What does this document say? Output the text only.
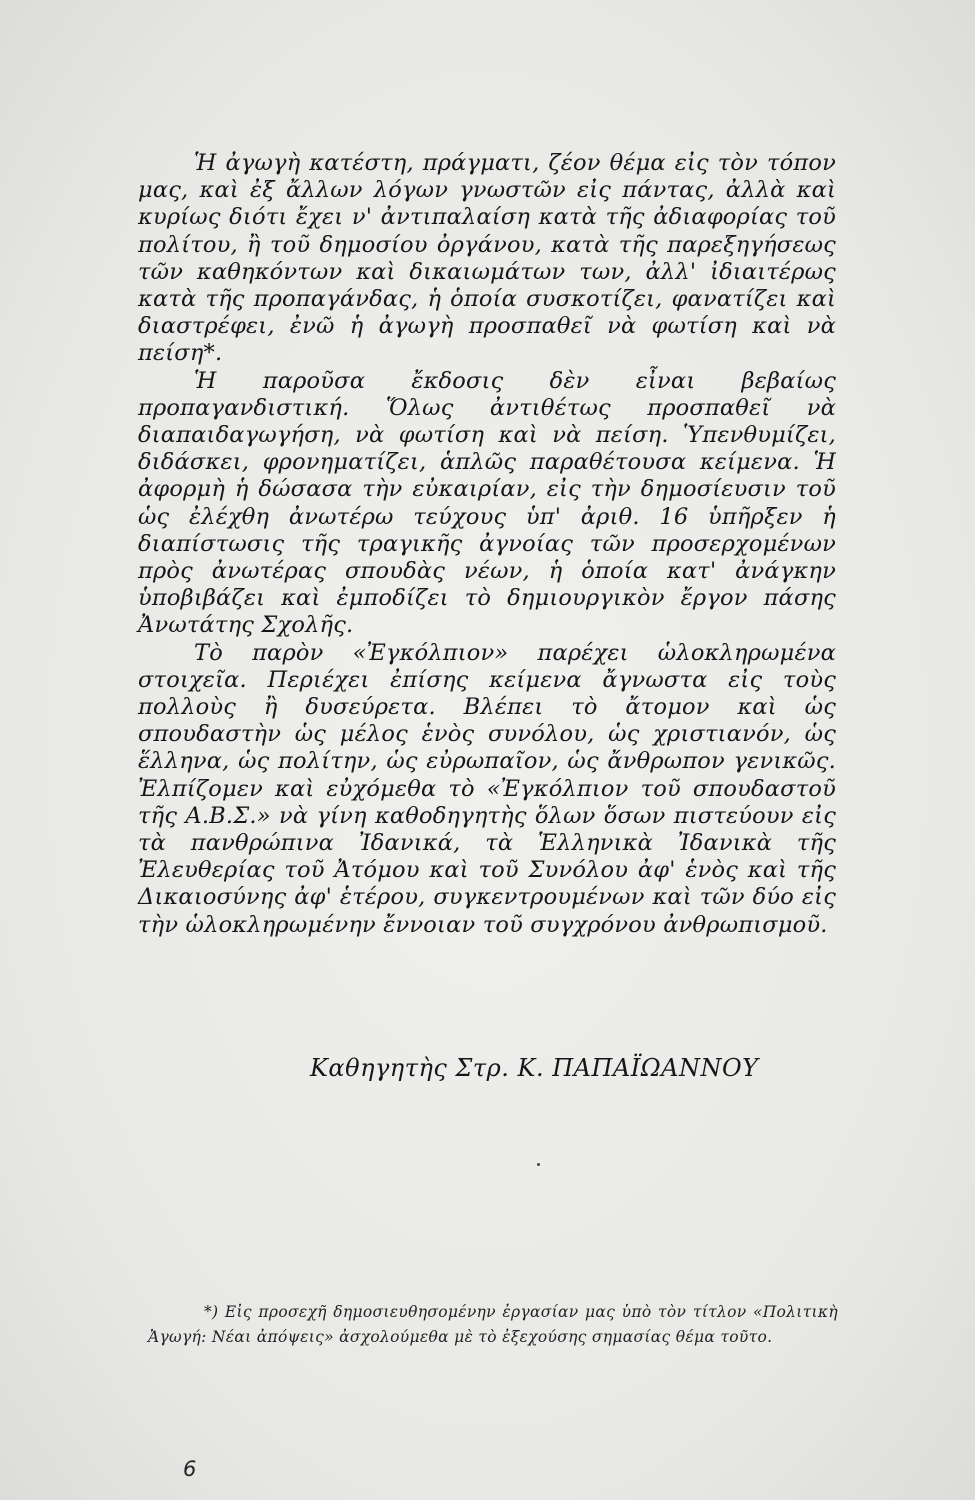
Ἡ ἀγωγὴ κατέστη, πράγματι, ζέον θέμα εἰς τὸν τόπον μας, καὶ ἐξ ἄλλων λόγων γνωστῶν εἰς πάντας, ἀλλὰ καὶ κυρίως διότι ἔχει ν' ἀντιπαλαίση κατὰ τῆς ἀδιαφορίας τοῦ πολίτου, ἢ τοῦ δημοσίου ὀργάνου, κατὰ τῆς παρεξηγήσεως τῶν καθηκόντων καὶ δικαιωμάτων των, ἀλλ' ἰδιαιτέρως κατὰ τῆς προπαγάνδας, ἡ ὁποία συσκοτίζει, φανατίζει καὶ διαστρέφει, ἐνῶ ἡ ἀγωγὴ προσπαθεῖ νὰ φωτίση καὶ νὰ πείση*.

Ἡ παροῦσα ἔκδοσις δὲν εἶναι βεβαίως προπαγανδιστική. Ὅλως ἀντιθέτως προσπαθεῖ νὰ διαπαιδαγωγήση, νὰ φωτίση καὶ νὰ πείση. Ὑπενθυμίζει, διδάσκει, φρονηματίζει, ἁπλῶς παραθέτουσα κείμενα. Ἡ ἀφορμὴ ἡ δώσασα τὴν εὐκαιρίαν, εἰς τὴν δημοσίευσιν τοῦ ὡς ἐλέχθη ἀνωτέρω τεύχους ὑπ' ἀριθ. 16 ὑπῆρξεν ἡ διαπίστωσις τῆς τραγικῆς ἀγνοίας τῶν προσερχομένων πρὸς ἀνωτέρας σπουδὰς νέων, ἡ ὁποία κατ' ἀνάγκην ὑποβιβάζει καὶ ἐμποδίζει τὸ δημιουργικὸν ἔργον πάσης Ἀνωτάτης Σχολῆς.

Τὸ παρὸν «Ἐγκόλπιον» παρέχει ὡλοκληρωμένα στοιχεῖα. Περιέχει ἐπίσης κείμενα ἄγνωστα εἰς τοὺς πολλοὺς ἢ δυσεύρετα. Βλέπει τὸ ἄτομον καὶ ὡς σπουδαστὴν ὡς μέλος ἑνὸς συνόλου, ὡς χριστιανόν, ὡς ἕλληνα, ὡς πολίτην, ὡς εὐρωπαῖον, ὡς ἄνθρωπον γενικῶς. Ἐλπίζομεν καὶ εὐχόμεθα τὸ «Ἐγκόλπιον τοῦ σπουδαστοῦ τῆς Α.Β.Σ.» νὰ γίνη καθοδηγητὴς ὅλων ὅσων πιστεύουν εἰς τὰ πανθρώπινα Ἰδανικά, τὰ Ἑλληνικὰ Ἰδανικὰ τῆς Ἐλευθερίας τοῦ Ἀτόμου καὶ τοῦ Συνόλου ἀφ' ἑνὸς καὶ τῆς Δικαιοσύνης ἀφ' ἑτέρου, συγκεντρουμένων καὶ τῶν δύο εἰς τὴν ὡλοκληρωμένην ἔννοιαν τοῦ συγχρόνου ἀνθρωπισμοῦ.

Καθηγητὴς Στρ. Κ. ΠΑΠΑΪΩΑΝΝΟΥ
*) Εἰς προσεχῆ δημοσιευθησομένην ἐργασίαν μας ὑπὸ τὸν τίτλον «Πολιτικὴ Ἀγωγή: Νέαι ἀπόψεις» ἀσχολούμεθα μὲ τὸ ἐξεχούσης σημασίας θέμα τοῦτο.
6
